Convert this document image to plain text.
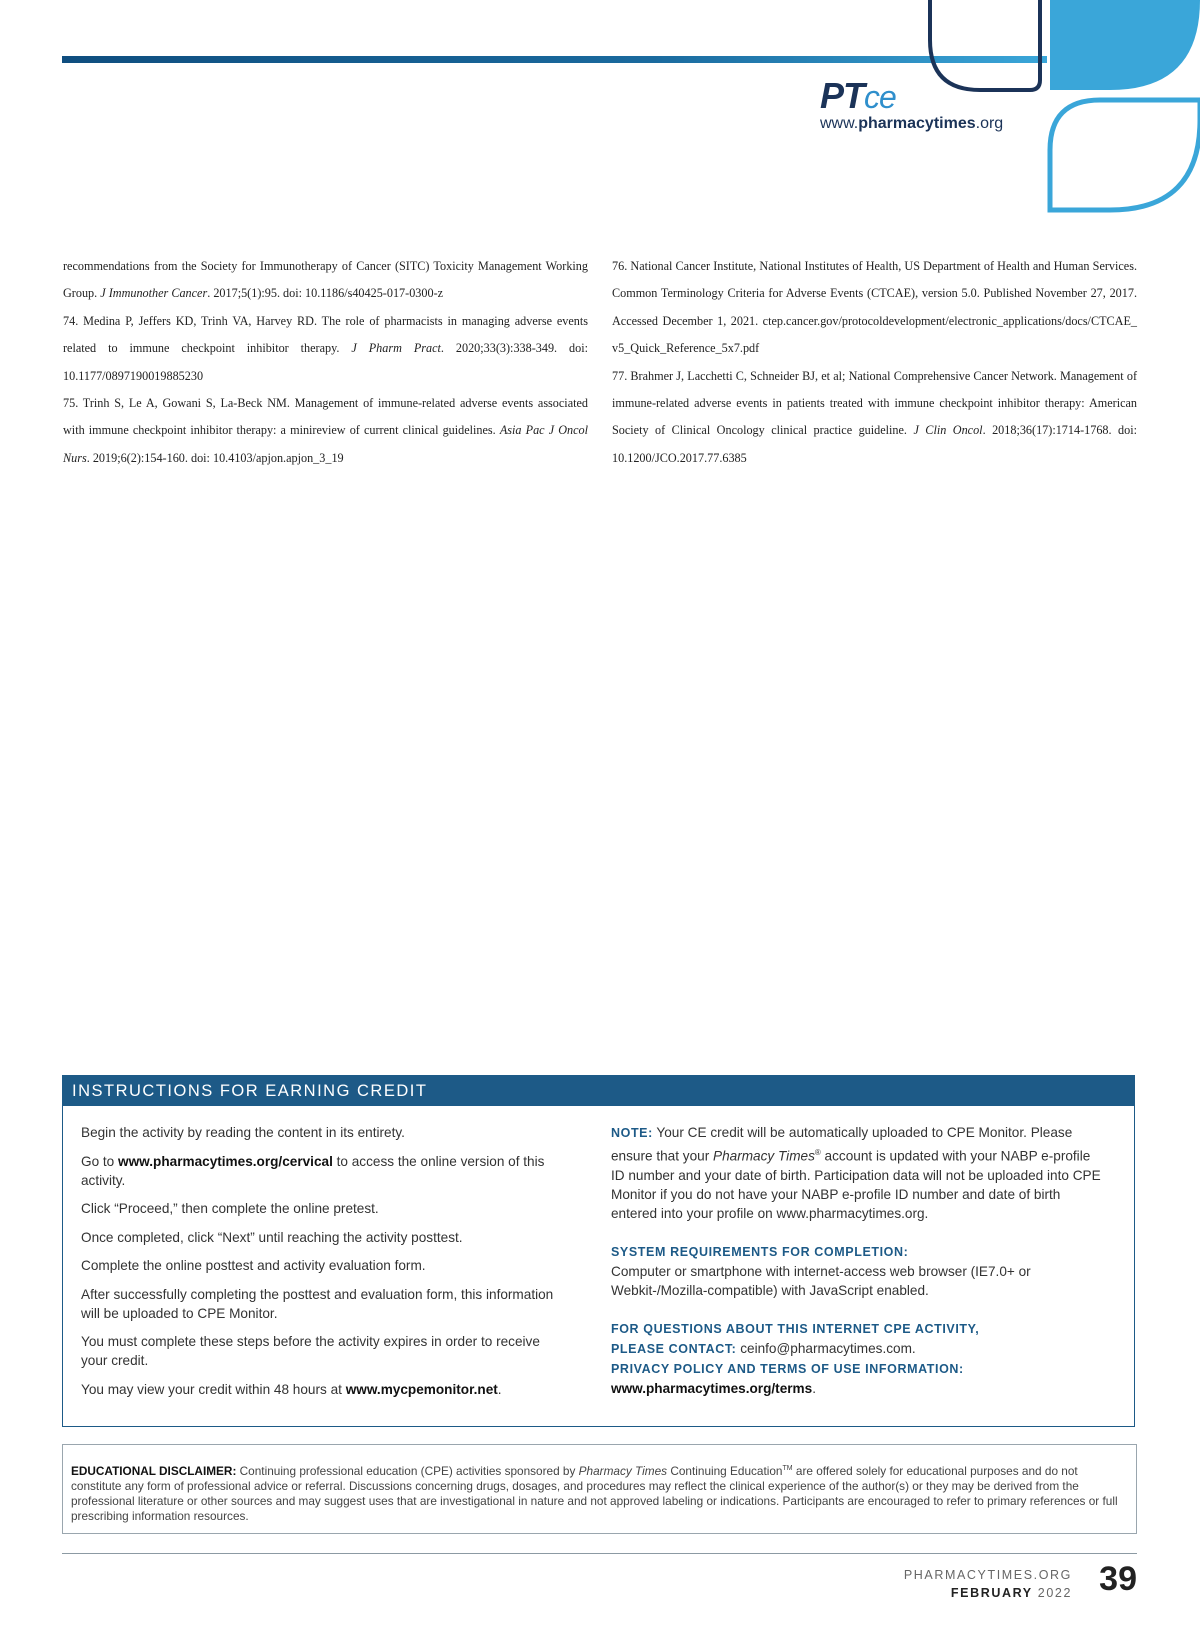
PTce
www.pharmacytimes.org

recommendations from the Society for Immunotherapy of Cancer (SITC) Toxicity Management Working Group. J Immunother Cancer. 2017;5(1):95. doi: 10.1186/s40425-017-0300-z

74. Medina P, Jeffers KD, Trinh VA, Harvey RD. The role of pharmacists in managing adverse events related to immune checkpoint inhibitor therapy. J Pharm Pract. 2020;33(3):338-349. doi: 10.1177/0897190019885230

75. Trinh S, Le A, Gowani S, La-Beck NM. Management of immune-related adverse events associated with immune checkpoint inhibitor therapy: a minireview of current clinical guidelines. Asia Pac J Oncol Nurs. 2019;6(2):154-160. doi: 10.4103/apjon.apjon_3_19

76. National Cancer Institute, National Institutes of Health, US Department of Health and Human Services. Common Terminology Criteria for Adverse Events (CTCAE), version 5.0. Published November 27, 2017. Accessed December 1, 2021. ctep.cancer.gov/protocoldevelopment/electronic_applications/docs/CTCAE_v5_Quick_Reference_5x7.pdf

77. Brahmer J, Lacchetti C, Schneider BJ, et al; National Comprehensive Cancer Network. Management of immune-related adverse events in patients treated with immune checkpoint inhibitor therapy: American Society of Clinical Oncology clinical practice guideline. J Clin Oncol. 2018;36(17):1714-1768. doi: 10.1200/JCO.2017.77.6385

INSTRUCTIONS FOR EARNING CREDIT

Begin the activity by reading the content in its entirety.

Go to www.pharmacytimes.org/cervical to access the online version of this activity.

Click “Proceed,” then complete the online pretest.

Once completed, click “Next” until reaching the activity posttest.

Complete the online posttest and activity evaluation form.

After successfully completing the posttest and evaluation form, this information will be uploaded to CPE Monitor.

You must complete these steps before the activity expires in order to receive your credit.

You may view your credit within 48 hours at www.mycpemonitor.net.

NOTE: Your CE credit will be automatically uploaded to CPE Monitor. Please ensure that your Pharmacy Times® account is updated with your NABP e-profile ID number and your date of birth. Participation data will not be uploaded into CPE Monitor if you do not have your NABP e-profile ID number and date of birth entered into your profile on www.pharmacytimes.org.

SYSTEM REQUIREMENTS FOR COMPLETION:
Computer or smartphone with internet-access web browser (IE7.0+ or Webkit-/Mozilla-compatible) with JavaScript enabled.

FOR QUESTIONS ABOUT THIS INTERNET CPE ACTIVITY,
PLEASE CONTACT: ceinfo@pharmacytimes.com.
PRIVACY POLICY AND TERMS OF USE INFORMATION:
www.pharmacytimes.org/terms.

EDUCATIONAL DISCLAIMER: Continuing professional education (CPE) activities sponsored by Pharmacy Times Continuing Education™ are offered solely for educational purposes and do not constitute any form of professional advice or referral. Discussions concerning drugs, dosages, and procedures may reflect the clinical experience of the author(s) or they may be derived from the professional literature or other sources and may suggest uses that are investigational in nature and not approved labeling or indications. Participants are encouraged to refer to primary references or full prescribing information resources.
PHARMACYTIMES.ORG
FEBRUARY 2022 39
